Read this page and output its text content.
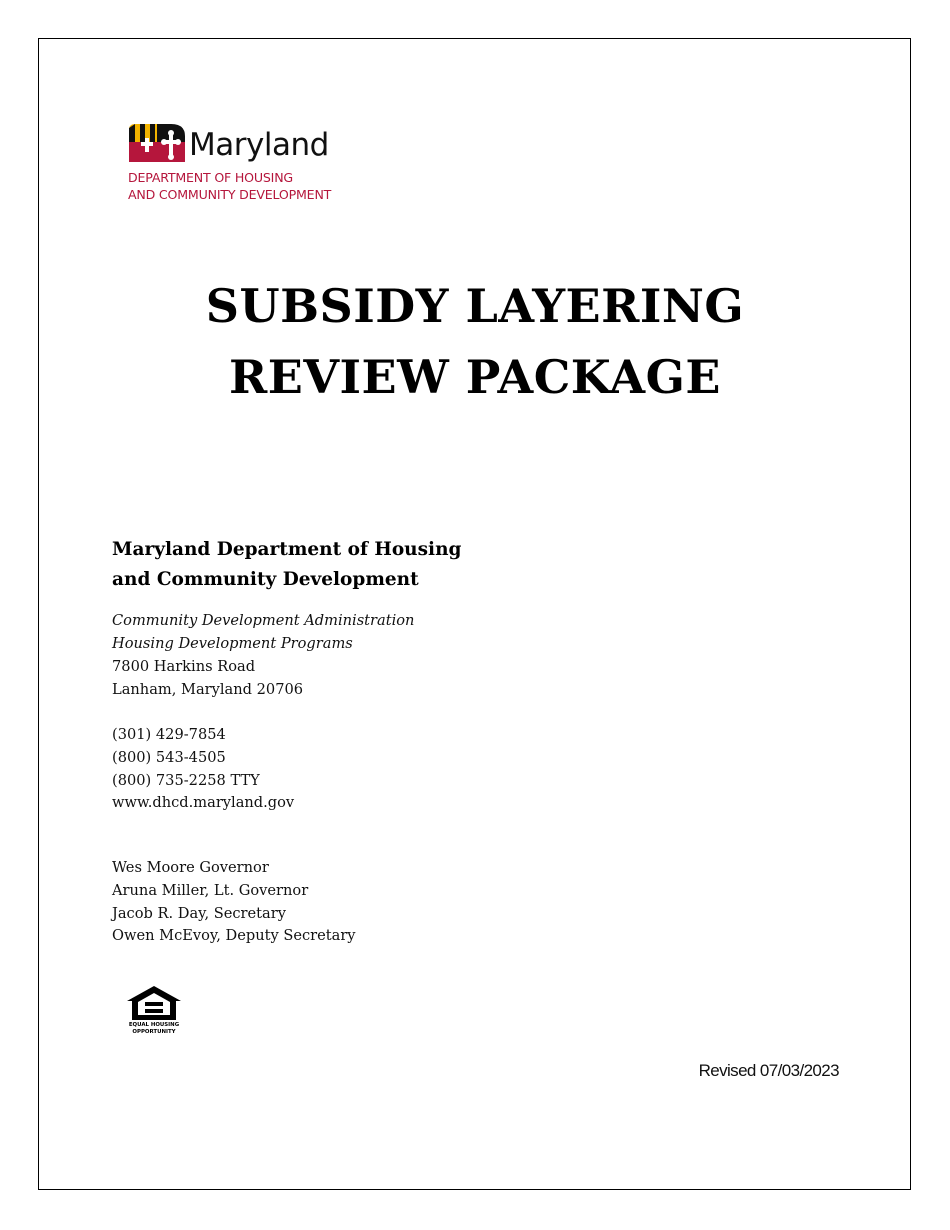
Maryland
DEPARTMENT OF HOUSING
AND COMMUNITY DEVELOPMENT
SUBSIDY LAYERING
REVIEW PACKAGE
Maryland Department of Housing
and Community Development
Community Development Administration
Housing Development Programs
7800 Harkins Road
Lanham, Maryland 20706
(301) 429-7854
(800) 543-4505
(800) 735-2258 TTY
www.dhcd.maryland.gov
Wes Moore Governor
Aruna Miller, Lt. Governor
Jacob R. Day, Secretary
Owen McEvoy, Deputy Secretary
EQUAL HOUSING
OPPORTUNITY
Revised 07/03/2023
